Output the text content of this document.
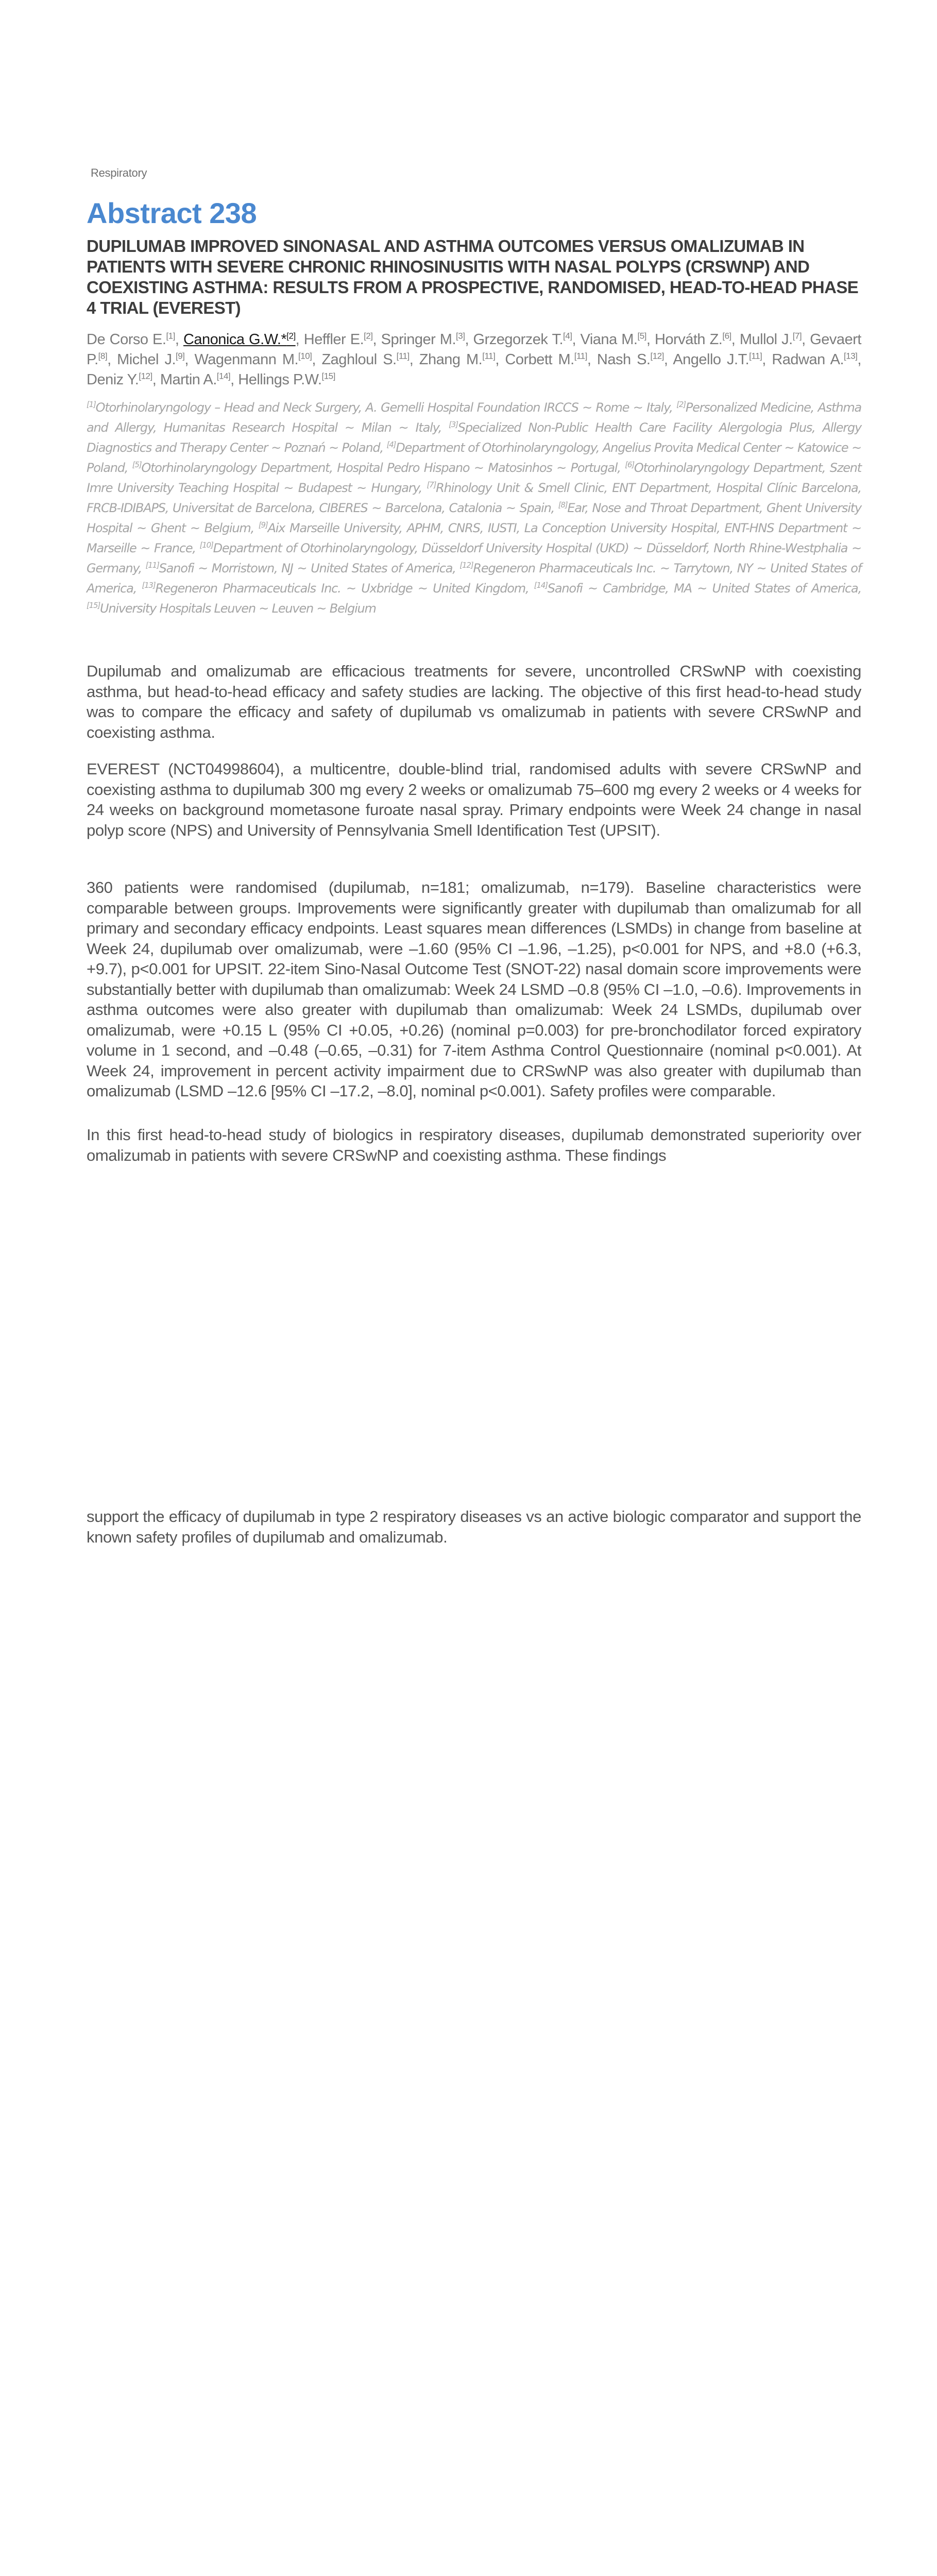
Respiratory
Abstract 238
DUPILUMAB IMPROVED SINONASAL AND ASTHMA OUTCOMES VERSUS OMALIZUMAB IN PATIENTS WITH SEVERE CHRONIC RHINOSINUSITIS WITH NASAL POLYPS (CRSWNP) AND COEXISTING ASTHMA: RESULTS FROM A PROSPECTIVE, RANDOMISED, HEAD-TO-HEAD PHASE 4 TRIAL (EVEREST)
De Corso E.[1], Canonica G.W.*[2], Heffler E.[2], Springer M.[3], Grzegorzek T.[4], Viana M.[5], Horváth Z.[6], Mullol J.[7], Gevaert P.[8], Michel J.[9], Wagenmann M.[10], Zaghloul S.[11], Zhang M.[11], Corbett M.[11], Nash S.[12], Angello J.T.[11], Radwan A.[13], Deniz Y.[12], Martin A.[14], Hellings P.W.[15]
[1]Otorhinolaryngology – Head and Neck Surgery, A. Gemelli Hospital Foundation IRCCS ~ Rome ~ Italy, [2]Personalized Medicine, Asthma and Allergy, Humanitas Research Hospital ~ Milan ~ Italy, [3]Specialized Non-Public Health Care Facility Alergologia Plus, Allergy Diagnostics and Therapy Center ~ Poznań ~ Poland, [4]Department of Otorhinolaryngology, Angelius Provita Medical Center ~ Katowice ~ Poland, [5]Otorhinolaryngology Department, Hospital Pedro Hispano ~ Matosinhos ~ Portugal, [6]Otorhinolaryngology Department, Szent Imre University Teaching Hospital ~ Budapest ~ Hungary, [7]Rhinology Unit & Smell Clinic, ENT Department, Hospital Clínic Barcelona, FRCB-IDIBAPS, Universitat de Barcelona, CIBERES ~ Barcelona, Catalonia ~ Spain, [8]Ear, Nose and Throat Department, Ghent University Hospital ~ Ghent ~ Belgium, [9]Aix Marseille University, APHM, CNRS, IUSTI, La Conception University Hospital, ENT-HNS Department ~ Marseille ~ France, [10]Department of Otorhinolaryngology, Düsseldorf University Hospital (UKD) ~ Düsseldorf, North Rhine-Westphalia ~ Germany, [11]Sanofi ~ Morristown, NJ ~ United States of America, [12]Regeneron Pharmaceuticals Inc. ~ Tarrytown, NY ~ United States of America, [13]Regeneron Pharmaceuticals Inc. ~ Uxbridge ~ United Kingdom, [14]Sanofi ~ Cambridge, MA ~ United States of America, [15]University Hospitals Leuven ~ Leuven ~ Belgium

Dupilumab and omalizumab are efficacious treatments for severe, uncontrolled CRSwNP with coexisting asthma, but head-to-head efficacy and safety studies are lacking. The objective of this first head-to-head study was to compare the efficacy and safety of dupilumab vs omalizumab in patients with severe CRSwNP and coexisting asthma.

EVEREST (NCT04998604), a multicentre, double-blind trial, randomised adults with severe CRSwNP and coexisting asthma to dupilumab 300 mg every 2 weeks or omalizumab 75–600 mg every 2 weeks or 4 weeks for 24 weeks on background mometasone furoate nasal spray. Primary endpoints were Week 24 change in nasal polyp score (NPS) and University of Pennsylvania Smell Identification Test (UPSIT).

360 patients were randomised (dupilumab, n=181; omalizumab, n=179). Baseline characteristics were comparable between groups. Improvements were significantly greater with dupilumab than omalizumab for all primary and secondary efficacy endpoints. Least squares mean differences (LSMDs) in change from baseline at Week 24, dupilumab over omalizumab, were –1.60 (95% CI –1.96, –1.25), p<0.001 for NPS, and +8.0 (+6.3, +9.7), p<0.001 for UPSIT. 22-item Sino-Nasal Outcome Test (SNOT-22) nasal domain score improvements were substantially better with dupilumab than omalizumab: Week 24 LSMD –0.8 (95% CI –1.0, –0.6). Improvements in asthma outcomes were also greater with dupilumab than omalizumab: Week 24 LSMDs, dupilumab over omalizumab, were +0.15 L (95% CI +0.05, +0.26) (nominal p=0.003) for pre-bronchodilator forced expiratory volume in 1 second, and –0.48 (–0.65, –0.31) for 7-item Asthma Control Questionnaire (nominal p<0.001). At Week 24, improvement in percent activity impairment due to CRSwNP was also greater with dupilumab than omalizumab (LSMD –12.6 [95% CI –17.2, –8.0], nominal p<0.001). Safety profiles were comparable.

In this first head-to-head study of biologics in respiratory diseases, dupilumab demonstrated superiority over omalizumab in patients with severe CRSwNP and coexisting asthma. These findings

support the efficacy of dupilumab in type 2 respiratory diseases vs an active biologic comparator and support the known safety profiles of dupilumab and omalizumab.
